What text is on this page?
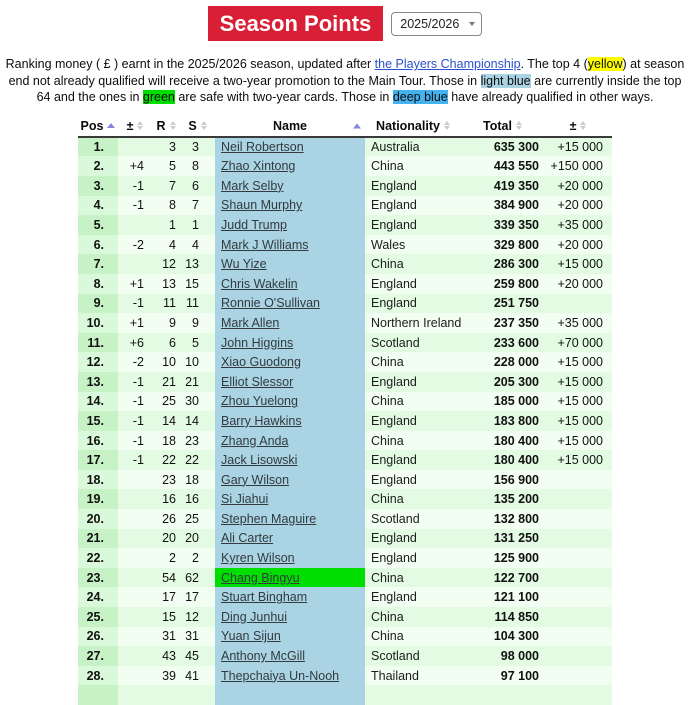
Season Points	2025/2026

Ranking money ( £ ) earnt in the 2025/2026 season, updated after the Players Championship. The top 4 (yellow) at season end not already qualified will receive a two-year promotion to the Main Tour. Those in light blue are currently inside the top 64 and the ones in green are safe with two-year cards. Those in deep blue have already qualified in other ways.

Pos	±	R	S	Name	Nationality	Total	±

1.		3	3	Neil Robertson	Australia	635 300	+15 000
2.	+4	5	8	Zhao Xintong	China	443 550	+150 000
3.	-1	7	6	Mark Selby	England	419 350	+20 000
4.	-1	8	7	Shaun Murphy	England	384 900	+20 000
5.		1	1	Judd Trump	England	339 350	+35 000
6.	-2	4	4	Mark J Williams	Wales	329 800	+20 000
7.		12	13	Wu Yize	China	286 300	+15 000
8.	+1	13	15	Chris Wakelin	England	259 800	+20 000
9.	-1	11	11	Ronnie O'Sullivan	England	251 750	
10.	+1	9	9	Mark Allen	Northern Ireland	237 350	+35 000
11.	+6	6	5	John Higgins	Scotland	233 600	+70 000
12.	-2	10	10	Xiao Guodong	China	228 000	+15 000
13.	-1	21	21	Elliot Slessor	England	205 300	+15 000
14.	-1	25	30	Zhou Yuelong	China	185 000	+15 000
15.	-1	14	14	Barry Hawkins	England	183 800	+15 000
16.	-1	18	23	Zhang Anda	China	180 400	+15 000
17.	-1	22	22	Jack Lisowski	England	180 400	+15 000
18.		23	18	Gary Wilson	England	156 900	
19.		16	16	Si Jiahui	China	135 200	
20.		26	25	Stephen Maguire	Scotland	132 800	
21.		20	20	Ali Carter	England	131 250	
22.		2	2	Kyren Wilson	England	125 900	
23.		54	62	Chang Bingyu	China	122 700	
24.		17	17	Stuart Bingham	England	121 100	
25.		15	12	Ding Junhui	China	114 850	
26.		31	31	Yuan Sijun	China	104 300	
27.		43	45	Anthony McGill	Scotland	98 000	
28.		39	41	Thepchaiya Un-Nooh	Thailand	97 100	
